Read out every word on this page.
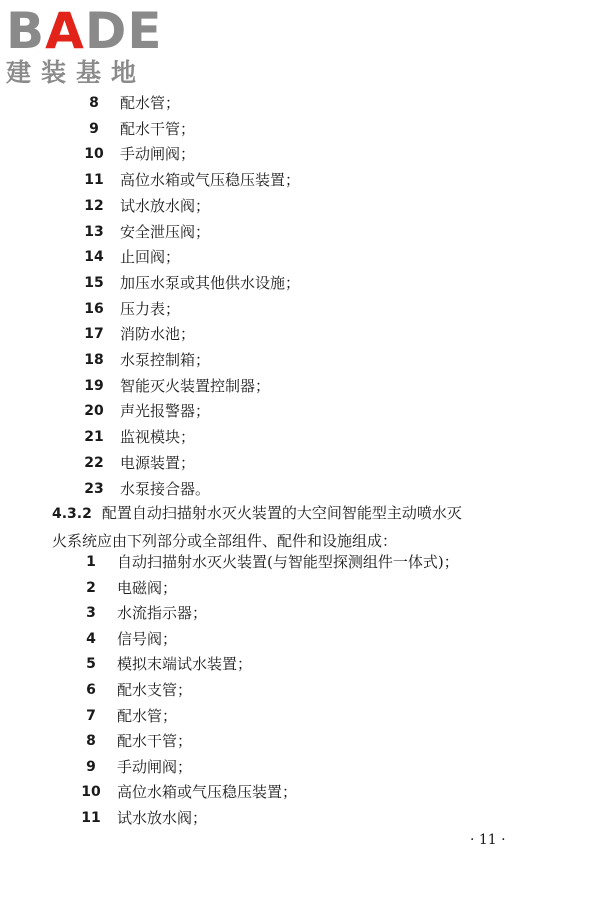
BADE
建装基地
8	配水管；
9	配水干管；
10 手动闸阀；
11 高位水箱或气压稳压装置；
12 试水放水阀；
13 安全泄压阀；
14 止回阀；
15 加压水泵或其他供水设施；
16 压力表；
17 消防水池；
18 水泵控制箱；
19 智能灭火装置控制器；
20 声光报警器；
21 监视模块；
22 电源装置；
23 水泵接合器。
4.3.2 配置自动扫描射水灭火装置的大空间智能型主动喷水灭
火系统应由下列部分或全部组件、配件和设施组成：
1	自动扫描射水灭火装置(与智能型探测组件一体式)；
2	电磁阀；
3	水流指示器；
4	信号阀；
5	模拟末端试水装置；
6	配水支管；
7	配水管；
8	配水干管；
9	手动闸阀；
10 高位水箱或气压稳压装置；
11 试水放水阀；
· 11 ·
